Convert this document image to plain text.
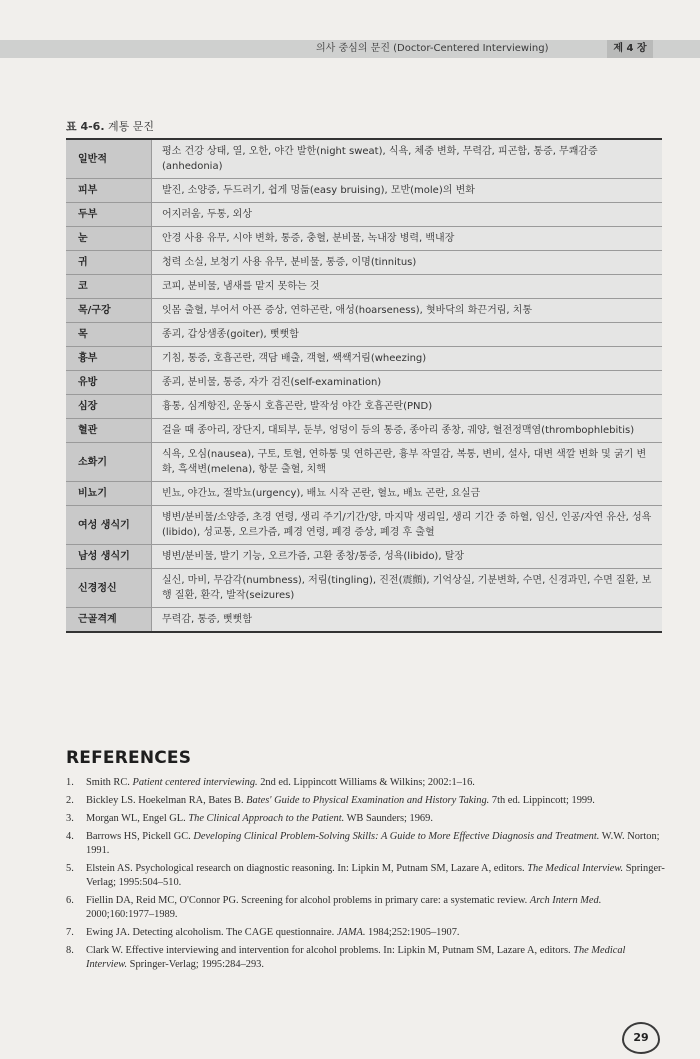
의사 중심의 문진 (Doctor-Centered Interviewing)	제 4 장
표 4-6. 계통 문진
일반적	평소 건강 상태, 열, 오한, 야간 발한(night sweat), 식욕, 체중 변화, 무력감, 피곤함, 통증, 무쾌감증(anhedonia)
피부	발진, 소양증, 두드러기, 쉽게 멍듦(easy bruising), 모반(mole)의 변화
두부	어지러움, 두통, 외상
눈	안경 사용 유무, 시야 변화, 통증, 충혈, 분비물, 녹내장 병력, 백내장
귀	청력 소실, 보청기 사용 유무, 분비물, 통증, 이명(tinnitus)
코	코피, 분비물, 냄새를 맡지 못하는 것
목/구강	잇몸 출혈, 부어서 아픈 증상, 연하곤란, 애성(hoarseness), 혓바닥의 화끈거림, 치통
목	종괴, 갑상샘종(goiter), 뻣뻣함
흉부	기침, 통증, 호흡곤란, 객담 배출, 객혈, 쌕쌕거림(wheezing)
유방	종괴, 분비물, 통증, 자가 검진(self-examination)
심장	흉통, 심계항진, 운동시 호흡곤란, 발작성 야간 호흡곤란(PND)
혈관	걸을 때 종아리, 장단지, 대퇴부, 둔부, 엉덩이 등의 통증, 종아리 종창, 궤양, 혈전정맥염(thrombophlebitis)
소화기	식욕, 오심(nausea), 구토, 토혈, 연하통 및 연하곤란, 흉부 작열감, 복통, 변비, 설사, 대변 색깔 변화 및 굵기 변화, 흑색변(melena), 항문 출혈, 치핵
비뇨기	빈뇨, 야간뇨, 절박뇨(urgency), 배뇨 시작 곤란, 혈뇨, 배뇨 곤란, 요실금
여성 생식기	병변/분비물/소양증, 초경 연령, 생리 주기/기간/양, 마지막 생리일, 생리 기간 중 하혈, 임신, 인공/자연 유산, 성욕(libido), 성교통, 오르가즘, 폐경 연령, 폐경 증상, 폐경 후 출혈
남성 생식기	병변/분비물, 발기 기능, 오르가즘, 고환 종창/통증, 성욕(libido), 탈장
신경정신	실신, 마비, 무감각(numbness), 저림(tingling), 진전(震顫), 기억상실, 기분변화, 수면, 신경과민, 수면 질환, 보행 질환, 환각, 발작(seizures)
근골격계	무력감, 통증, 뻣뻣함
REFERENCES
1. Smith RC. Patient centered interviewing. 2nd ed. Lippincott Williams & Wilkins; 2002:1–16.
2. Bickley LS. Hoekelman RA, Bates B. Bates' Guide to Physical Examination and History Taking. 7th ed. Lippincott; 1999.
3. Morgan WL, Engel GL. The Clinical Approach to the Patient. WB Saunders; 1969.
4. Barrows HS, Pickell GC. Developing Clinical Problem-Solving Skills: A Guide to More Effective Diagnosis and Treatment. W.W. Norton; 1991.
5. Elstein AS. Psychological research on diagnostic reasoning. In: Lipkin M, Putnam SM, Lazare A, editors. The Medical Interview. Springer-Verlag; 1995:504–510.
6. Fiellin DA, Reid MC, O'Connor PG. Screening for alcohol problems in primary care: a systematic review. Arch Intern Med. 2000;160:1977–1989.
7. Ewing JA. Detecting alcoholism. The CAGE questionnaire. JAMA. 1984;252:1905–1907.
8. Clark W. Effective interviewing and intervention for alcohol problems. In: Lipkin M, Putnam SM, Lazare A, editors. The Medical Interview. Springer-Verlag; 1995:284–293.
29
